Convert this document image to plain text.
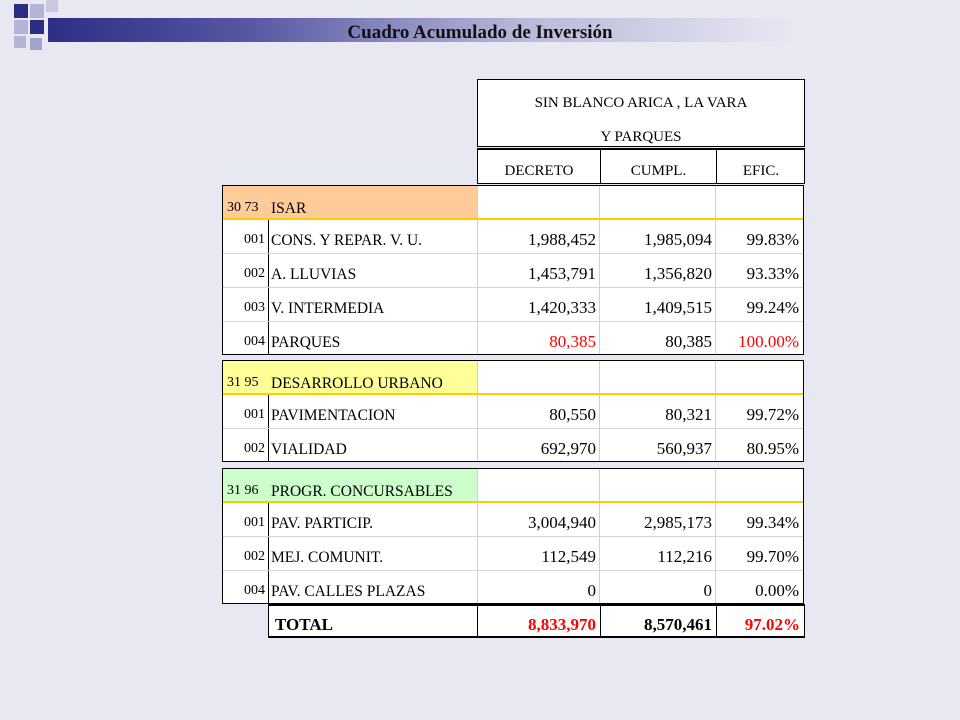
Cuadro Acumulado de Inversión
SIN BLANCO ARICA , LA VARA
Y PARQUES
DECRETO	CUMPL.	EFIC.
30 73 ISAR
001 CONS. Y REPAR. V. U.	1,988,452	1,985,094	99.83%
002 A. LLUVIAS	1,453,791	1,356,820	93.33%
003 V. INTERMEDIA	1,420,333	1,409,515	99.24%
004 PARQUES	80,385	80,385	100.00%
31 95 DESARROLLO URBANO
001 PAVIMENTACION	80,550	80,321	99.72%
002 VIALIDAD	692,970	560,937	80.95%
31 96 PROGR. CONCURSABLES
001 PAV. PARTICIP.	3,004,940	2,985,173	99.34%
002 MEJ. COMUNIT.	112,549	112,216	99.70%
004 PAV. CALLES PLAZAS	0	0	0.00%
TOTAL	8,833,970	8,570,461	97.02%
